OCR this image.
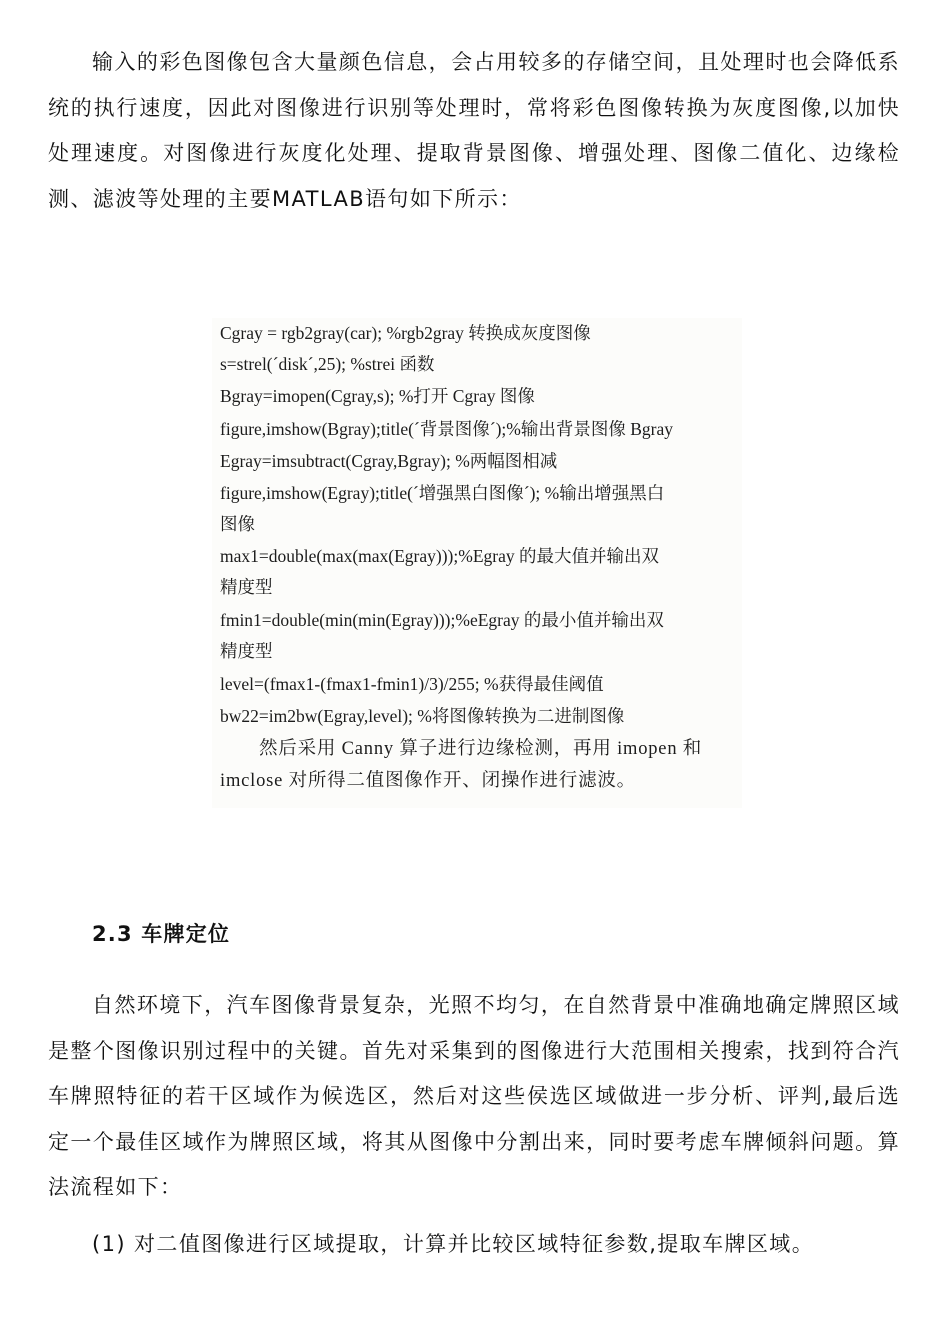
输入的彩色图像包含大量颜色信息，会占用较多的存储空间，且处理时也会降低系统的执行速度，因此对图像进行识别等处理时，常将彩色图像转换为灰度图像,以加快处理速度。对图像进行灰度化处理、提取背景图像、增强处理、图像二值化、边缘检测、滤波等处理的主要MATLAB语句如下所示：

Cgray = rgb2gray(car); %rgb2gray 转换成灰度图像
s=strel(´disk´,25); %strei 函数
Bgray=imopen(Cgray,s); %打开 Cgray 图像
figure,imshow(Bgray);title(´背景图像´);%输出背景图像 Bgray
Egray=imsubtract(Cgray,Bgray); %两幅图相减
figure,imshow(Egray);title(´增强黑白图像´); %输出增强黑白
图像
max1=double(max(max(Egray)));%Egray 的最大值并输出双
精度型
fmin1=double(min(min(Egray)));%eEgray 的最小值并输出双
精度型
level=(fmax1-(fmax1-fmin1)/3)/255; %获得最佳阈值
bw22=im2bw(Egray,level); %将图像转换为二进制图像
然后采用 Canny 算子进行边缘检测，再用 imopen 和
imclose 对所得二值图像作开、闭操作进行滤波。
2.3 车牌定位

自然环境下，汽车图像背景复杂，光照不均匀，在自然背景中准确地确定牌照区域是整个图像识别过程中的关键。首先对采集到的图像进行大范围相关搜索，找到符合汽车牌照特征的若干区域作为候选区，然后对这些侯选区域做进一步分析、评判,最后选定一个最佳区域作为牌照区域，将其从图像中分割出来，同时要考虑车牌倾斜问题。算法流程如下：

(1) 对二值图像进行区域提取，计算并比较区域特征参数,提取车牌区域。
